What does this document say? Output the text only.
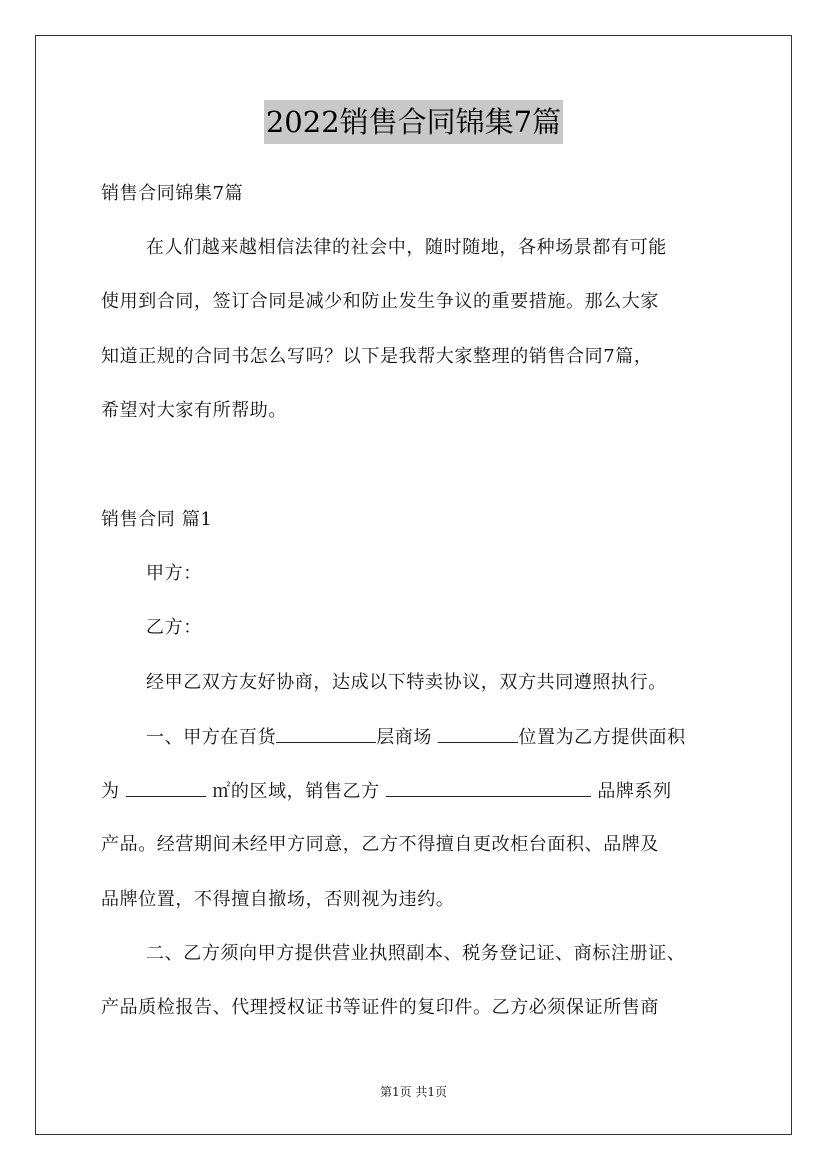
2022销售合同锦集7篇
销售合同锦集7篇
在人们越来越相信法律的社会中，随时随地，各种场景都有可能
使用到合同，签订合同是减少和防止发生争议的重要措施。那么大家
知道正规的合同书怎么写吗？以下是我帮大家整理的销售合同7篇，
希望对大家有所帮助。
销售合同 篇1
甲方：
乙方：
经甲乙双方友好协商，达成以下特卖协议，双方共同遵照执行。
一、甲方在百货	层商场	位置为乙方提供面积
为	㎡的区域，销售乙方	品牌系列
产品。经营期间未经甲方同意，乙方不得擅自更改柜台面积、品牌及
品牌位置，不得擅自撤场，否则视为违约。
二、乙方须向甲方提供营业执照副本、税务登记证、商标注册证、
产品质检报告、代理授权证书等证件的复印件。乙方必须保证所售商
第1页 共1页
